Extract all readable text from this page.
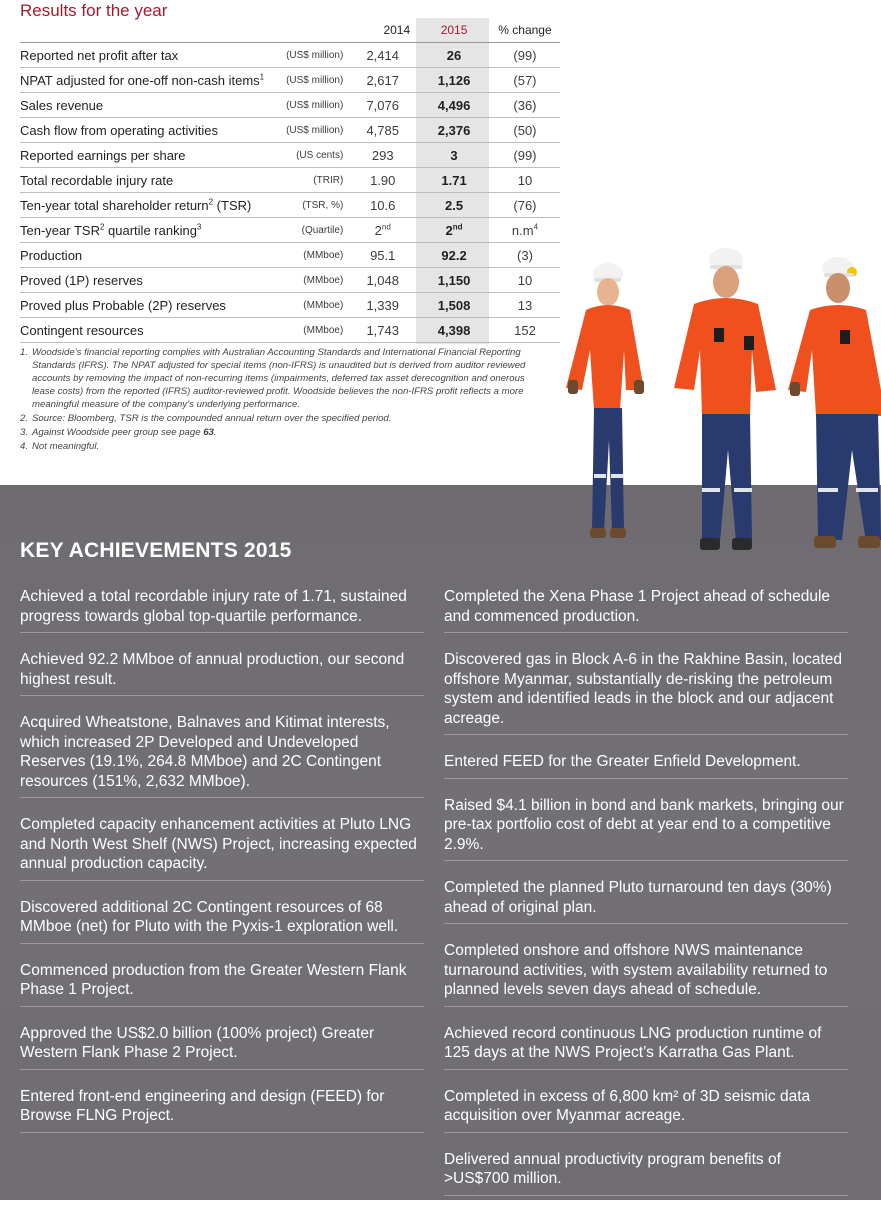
Results for the year
		2014	2015	% change
Reported net profit after tax	(US$ million)	2,414	26	(99)
NPAT adjusted for one-off non-cash items$^1$	(US$ million)	2,617	1,126	(57)
Sales revenue	(US$ million)	7,076	4,496	(36)
Cash flow from operating activities	(US$ million)	4,785	2,376	(50)
Reported earnings per share	(US cents)	293	3	(99)
Total recordable injury rate	(TRIR)	1.90	1.71	10
Ten-year total shareholder return$^2$ (TSR)	(TSR, %)	10.6	2.5	(76)
Ten-year TSR$^2$ quartile ranking$^3$	(Quartile)	2nd	2nd	$n.m^4$
Production	(MMboe)	95.1	92.2	(3)
Proved (1P) reserves	(MMboe)	1,048	1,150	10
Proved plus Probable (2P) reserves	(MMboe)	1,339	1,508	13
Contingent resources	(MMboe)	1,743	4,398	152
1. Woodside’s financial reporting complies with Australian Accounting Standards and International Financial Reporting Standards (IFRS). The NPAT adjusted for special items (non-IFRS) is unaudited but is derived from auditor reviewed accounts by removing the impact of non-recurring items (impairments, deferred tax asset derecognition and onerous lease costs) from the reported (IFRS) auditor-reviewed profit. Woodside believes the non-IFRS profit reflects a more meaningful measure of the company’s underlying performance.
2. Source: Bloomberg, TSR is the compounded annual return over the specified period.
3. Against Woodside peer group see page 63.
4. Not meaningful.
KEY ACHIEVEMENTS 2015
Achieved a total recordable injury rate of 1.71, sustained progress towards global top-quartile performance.
Achieved 92.2 MMboe of annual production, our second highest result.
Acquired Wheatstone, Balnaves and Kitimat interests, which increased 2P Developed and Undeveloped Reserves (19.1%, 264.8 MMboe) and 2C Contingent resources (151%, 2,632 MMboe).
Completed capacity enhancement activities at Pluto LNG and North West Shelf (NWS) Project, increasing expected annual production capacity.
Discovered additional 2C Contingent resources of 68 MMboe (net) for Pluto with the Pyxis-1 exploration well.
Commenced production from the Greater Western Flank Phase 1 Project.
Approved the US$2.0 billion (100% project) Greater Western Flank Phase 2 Project.
Entered front-end engineering and design (FEED) for Browse FLNG Project.
Completed the Xena Phase 1 Project ahead of schedule and commenced production.
Discovered gas in Block A-6 in the Rakhine Basin, located offshore Myanmar, substantially de-risking the petroleum system and identified leads in the block and our adjacent acreage.
Entered FEED for the Greater Enfield Development.
Raised $4.1 billion in bond and bank markets, bringing our pre-tax portfolio cost of debt at year end to a competitive 2.9%.
Completed the planned Pluto turnaround ten days (30%) ahead of original plan.
Completed onshore and offshore NWS maintenance turnaround activities, with system availability returned to planned levels seven days ahead of schedule.
Achieved record continuous LNG production runtime of 125 days at the NWS Project’s Karratha Gas Plant.
Completed in excess of 6,800 km² of 3D seismic data acquisition over Myanmar acreage.
Delivered annual productivity program benefits of >US$700 million.
